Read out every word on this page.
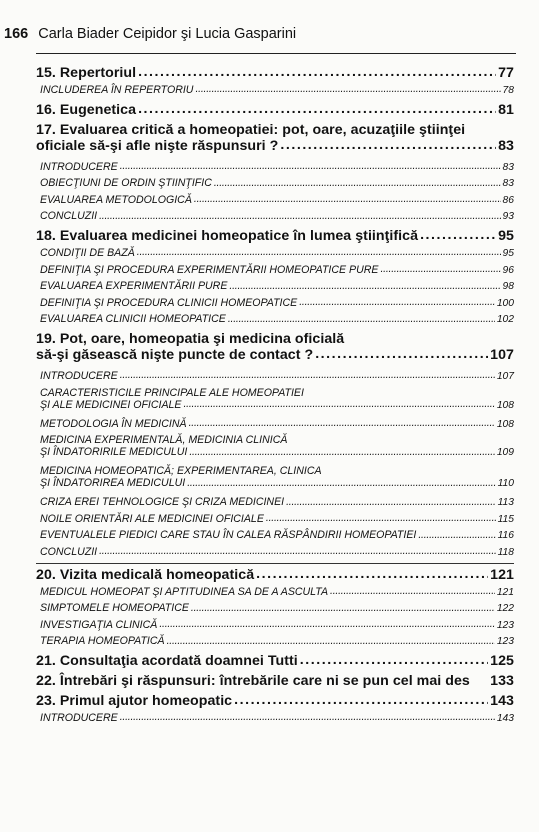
166 Carla Biader Ceipidor şi Lucia Gasparini
15. Repertoriul . . .	77
INCLUDEREA ÎN REPERTORIU . . .	78
16. Eugenetica . . .	81
17. Evaluarea critică a homeopatiei: pot, oare, acuzaţiile ştiinţei
oficiale să-şi afle nişte răspunsuri ? . . .	83
INTRODUCERE . . .	83
OBIECŢIUNI DE ORDIN ŞTIINŢIFIC . . .	83
EVALUAREA METODOLOGICĂ . . .	86
CONCLUZII . . .	93
18. Evaluarea medicinei homeopatice în lumea ştiinţifică . . .	95
CONDIŢII DE BAZĂ . . .	95
DEFINIŢIA ŞI PROCEDURA EXPERIMENTĂRII HOMEOPATICE PURE . . .	96
EVALUAREA EXPERIMENTĂRII PURE . . .	98
DEFINIŢIA ŞI PROCEDURA CLINICII HOMEOPATICE . . .	100
EVALUAREA CLINICII HOMEOPATICE . . .	102
19. Pot, oare, homeopatia şi medicina oficială
să-şi găsească nişte puncte de contact ? . . .	107
INTRODUCERE . . .	107
CARACTERISTICILE PRINCIPALE ALE HOMEOPATIEI
ŞI ALE MEDICINEI OFICIALE . . .	108
METODOLOGIA ÎN MEDICINĂ . . .	108
MEDICINA EXPERIMENTALĂ, MEDICINIA CLINICĂ
ŞI ÎNDATORIRILE MEDICULUI . . .	109
MEDICINA HOMEOPATICĂ; EXPERIMENTAREA, CLINICA
ŞI ÎNDATORIREA MEDICULUI . . .	110
CRIZA EREI TEHNOLOGICE ŞI CRIZA MEDICINEI . . .	113
NOILE ORIENTĂRI ALE MEDICINEI OFICIALE . . .	115
EVENTUALELE PIEDICI CARE STAU ÎN CALEA RĂSPÂNDIRII HOMEOPATIEI . . .	116
CONCLUZII . . .	118
20. Vizita medicală homeopatică . . .	121
MEDICUL HOMEOPAT ŞI APTITUDINEA SA DE A ASCULTA . . .	121
SIMPTOMELE HOMEOPATICE . . .	122
INVESTIGAŢIA CLINICĂ . . .	123
TERAPIA HOMEOPATICĂ . . .	123
21. Consultaţia acordată doamnei Tutti . . .	125
22. Întrebări şi răspunsuri: întrebările care ni se pun cel mai des 133
23. Primul ajutor homeopatic . . .	143
INTRODUCERE . . .	143
